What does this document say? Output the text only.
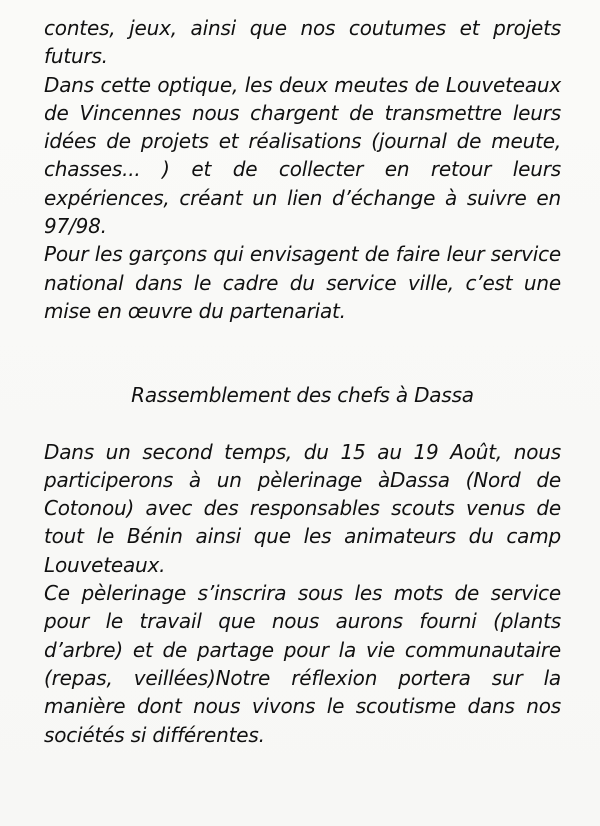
contes, jeux, ainsi que nos coutumes et projets futurs.

Dans cette optique, les deux meutes de Louveteaux de Vincennes nous chargent de transmettre leurs idées de projets et réalisations (journal de meute, chasses... ) et de collecter en retour leurs expériences, créant un lien d’échange à suivre en 97/98.

Pour les garçons qui envisagent de faire leur service national dans le cadre du service ville, c’est une mise en œuvre du partenariat.

Rassemblement des chefs à Dassa

Dans un second temps, du 15 au 19 Août, nous participerons à un pèlerinage àDassa (Nord de Cotonou) avec des responsables scouts venus de tout le Bénin ainsi que les animateurs du camp Louveteaux.

Ce pèlerinage s’inscrira sous les mots de service pour le travail que nous aurons fourni (plants d’arbre) et de partage pour la vie communautaire (repas, veillées)Notre réflexion portera sur la manière dont nous vivons le scoutisme dans nos sociétés si différentes.
